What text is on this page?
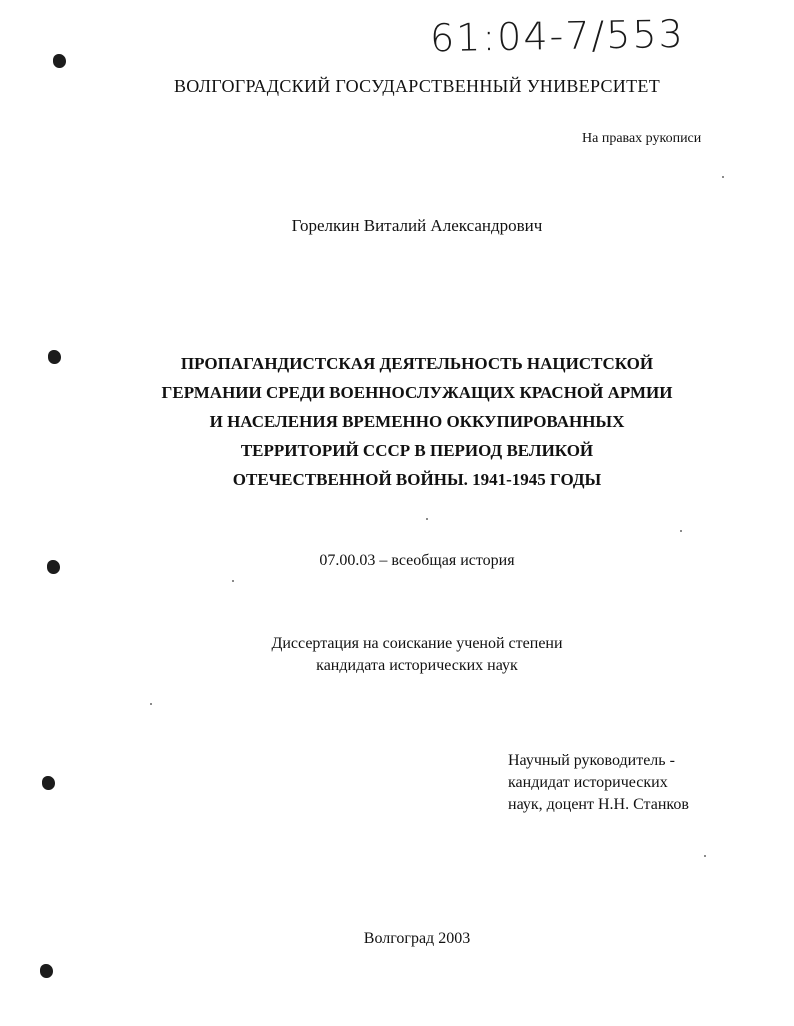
61:04-7/553
ВОЛГОГРАДСКИЙ ГОСУДАРСТВЕННЫЙ УНИВЕРСИТЕТ
На правах рукописи
Горелкин Виталий Александрович
ПРОПАГАНДИСТСКАЯ ДЕЯТЕЛЬНОСТЬ НАЦИСТСКОЙ
ГЕРМАНИИ СРЕДИ ВОЕННОСЛУЖАЩИХ КРАСНОЙ АРМИИ
И НАСЕЛЕНИЯ ВРЕМЕННО ОККУПИРОВАННЫХ
ТЕРРИТОРИЙ СССР В ПЕРИОД ВЕЛИКОЙ
ОТЕЧЕСТВЕННОЙ ВОЙНЫ. 1941-1945 ГОДЫ
07.00.03 – всеобщая история
Диссертация на соискание ученой степени
кандидата исторических наук
Научный руководитель -
кандидат исторических
наук, доцент Н.Н. Станков
Волгоград 2003
